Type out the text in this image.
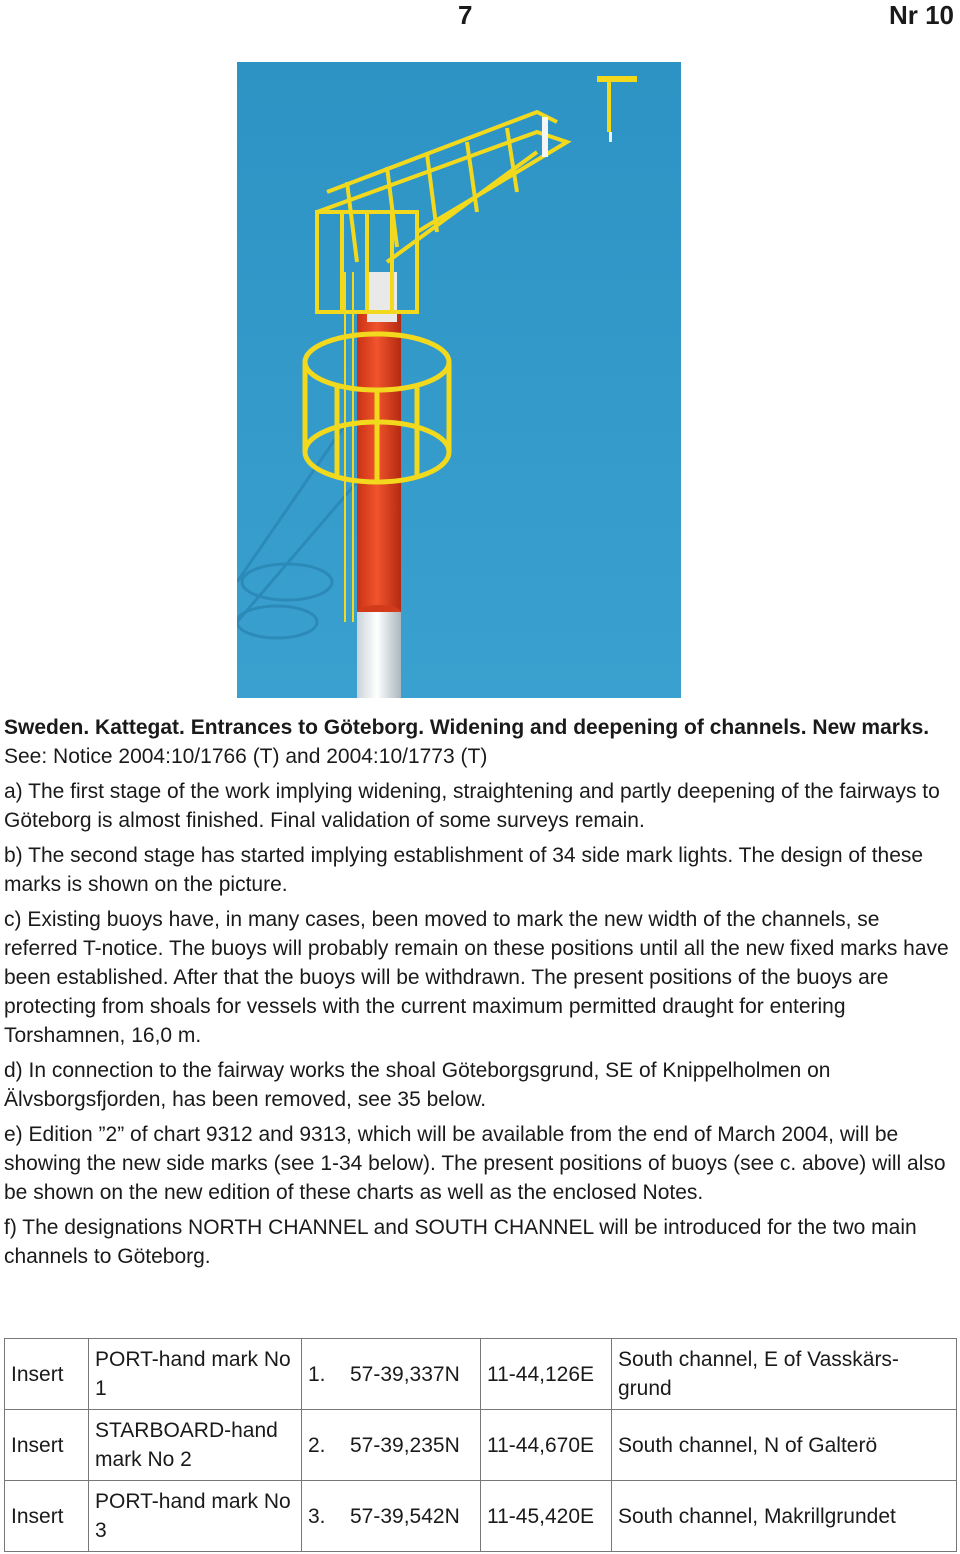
7	Nr 10

Sweden. Kattegat. Entrances to Göteborg. Widening and deepening of channels. New marks.

See: Notice 2004:10/1766 (T) and 2004:10/1773 (T)

a) The first stage of the work implying widening, straightening and partly deepening of the fairways to Göteborg is almost finished. Final validation of some surveys remain.

b) The second stage has started implying establishment of 34 side mark lights. The design of these marks is shown on the picture.

c) Existing buoys have, in many cases, been moved to mark the new width of the channels, se referred T-notice. The buoys will probably remain on these positions until all the new fixed marks have been established. After that the buoys will be withdrawn. The present positions of the buoys are protecting from shoals for vessels with the current maximum permitted draught for entering Torshamnen, 16,0 m.

d) In connection to the fairway works the shoal Göteborgsgrund, SE of Knippelholmen on Älvsborgsfjorden, has been removed, see 35 below.

e) Edition ”2” of chart 9312 and 9313, which will be available from the end of March 2004, will be showing the new side marks (see 1-34 below). The present positions of buoys (see c. above) will also be shown on the new edition of these charts as well as the enclosed Notes.

f) The designations NORTH CHANNEL and SOUTH CHANNEL will be introduced for the two main channels to Göteborg.

Insert	PORT-hand mark No 1	1.	57-39,337N	11-44,126E	South channel, E of Vasskärs-grund
Insert	STARBOARD-hand mark No 2	2.	57-39,235N	11-44,670E	South channel, N of Galterö
Insert	PORT-hand mark No 3	3.	57-39,542N	11-45,420E	South channel, Makrillgrundet
